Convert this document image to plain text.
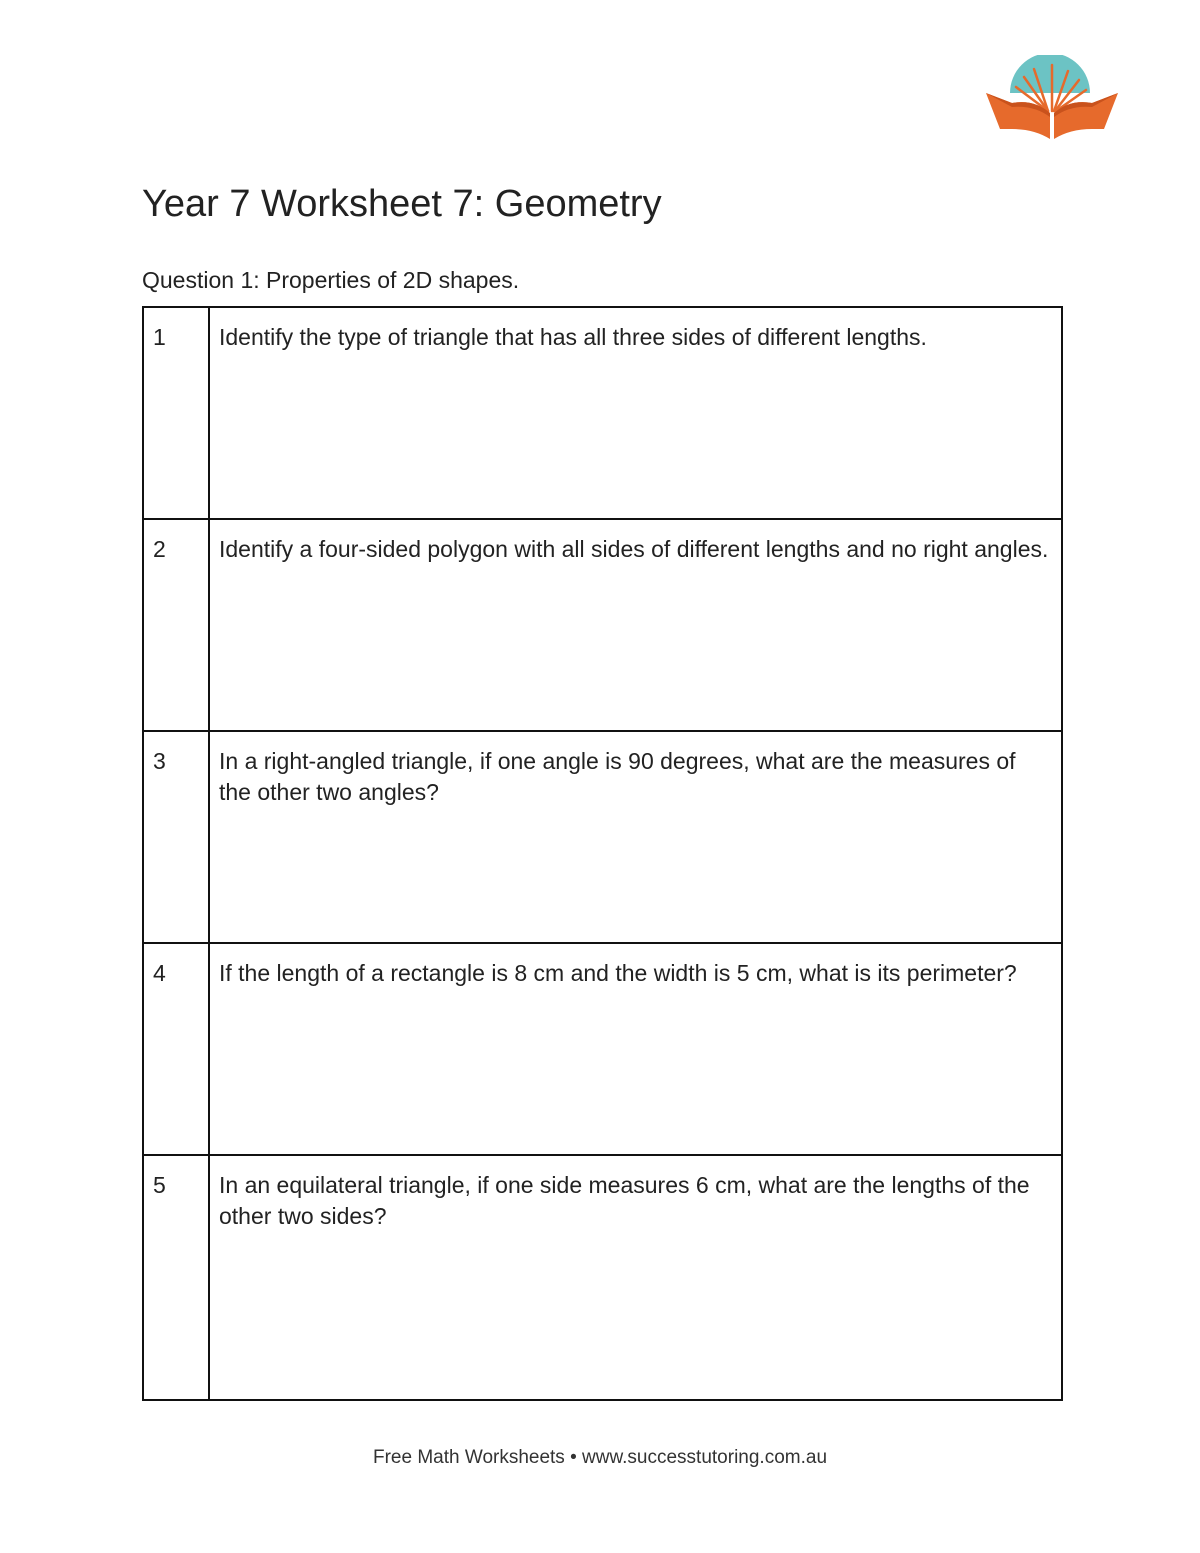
Year 7 Worksheet 7: Geometry
Question 1: Properties of 2D shapes.
1	Identify the type of triangle that has all three sides of different lengths.
2	Identify a four-sided polygon with all sides of different lengths and no right angles.
3	In a right-angled triangle, if one angle is 90 degrees, what are the measures of the other two angles?
4	If the length of a rectangle is 8 cm and the width is 5 cm, what is its perimeter?
5	In an equilateral triangle, if one side measures 6 cm, what are the lengths of the other two sides?
Free Math Worksheets • www.successtutoring.com.au
